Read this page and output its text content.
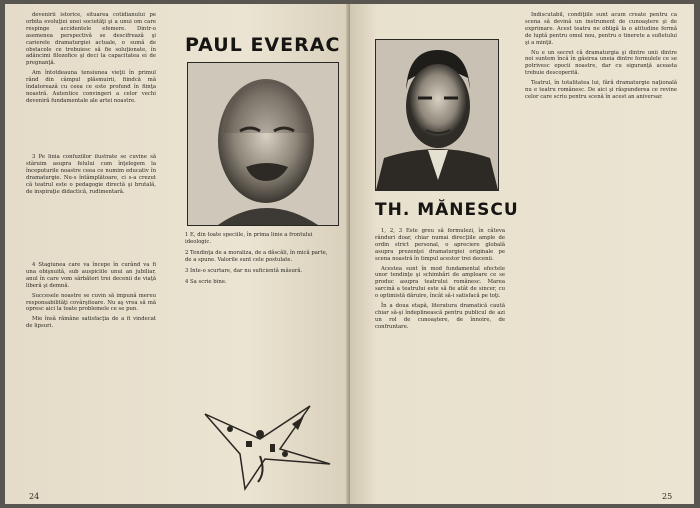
devenirii istorice, situarea cotidianului pe orbita evoluţiei unei societăţi şi a unui om care respinge accidentele efemere. Dintr-o asemenea perspectivă se descifrează şi carierele dramaturgiei actuale, o sumă de obstacole ce trebuiesc să fie soluţionate, în adâncimi filozofice şi deci la capacitatea ei de pregnanţă.

Am întotdeauna tensiunea vieţii în primul rând din câmpul plăsmuirii, fiindcă mă îndatorează cu ceea ce este profund în fiinţa noastră. Autentice convingeri a celor vechi deveniră fundamentale ale artei noastre.

3 Pe linia confuziilor ilustrate se cuvine să stăruim asupra felului cum înţelegem la începuturile noastre ceea ce numim educativ în dramaturgie. Nu-s întâmplătoare, ci s-a crezut că teatrul este o pedagogie directă şi brutală, de inspiraţie didactică, rudimentară.

4 Stagiunea care va începe în curând va fi una obişnuită, sub auspiciile unui an jubiliar, anul în care vom sărbători trei decenii de viaţă liberă şi demnă.

Succesele noastre se cuvin să impună mereu responsabilităţi covârşitoare. Nu aş vrea să mă opresc aici la toate problemele ce se pun.

Mie însă rămâne satisfacţia de a fi vindecat de lipsuri.

PAUL EVERAC

1 E, din toate speciile, în prima linie a frontului ideologic.

2 Tendinţa de a moraliza, de a dăscăli, în mică parte, de a spune. Valorile sunt cele postulate.

3 Inte-o scurtare, dar nu suficientă măsură.

4 Sa scrie bine.

24
TH. MĂNESCU

1, 2, 3 Este greu să formulezi, în câteva rânduri doar, chiar numai direcţiile ample de ordin strict personal, o apreciere globală asupra prezenţei dramaturgiei originale pe scena noastră în timpul acestor trei decenii.

Acestea sunt în mod fundamental efectele unor tendinţe şi schimbări de amploare ce se produc asupra teatrului românesc. Marea sarcină a teatrului este să fie atât de sincer, cu o optimistă dăruire, încât să-i satisfacă pe toţi.

În a doua etapă, literatura dramatică caută chiar să-şi îndeplinească pentru publicul de azi un rol de cunoaştere, de înnoire, de confruntare.

Indiscutabil, condiţiile sunt acum create pentru ca scena să devină un instrument de cunoaştere şi de exprimare. Acest teatru ne obligă la o atitudine fermă de luptă pentru omul nou, pentru o tinerete a sufletului şi a minţii.

Nu e un secret că dramaturgia şi dintre unii dintre noi suntem încă în găsirea uneia dintre formulele ce se potrivesc epocii noastre, dar cu siguranţă aceasta trebuie descoperită.

Teatrul, în totalitatea lui, fără dramaturgie naţională nu e teatru românesc. De aici şi răspunderea ce revine celor care scriu pentru scenă în acest an aniversar.

25
